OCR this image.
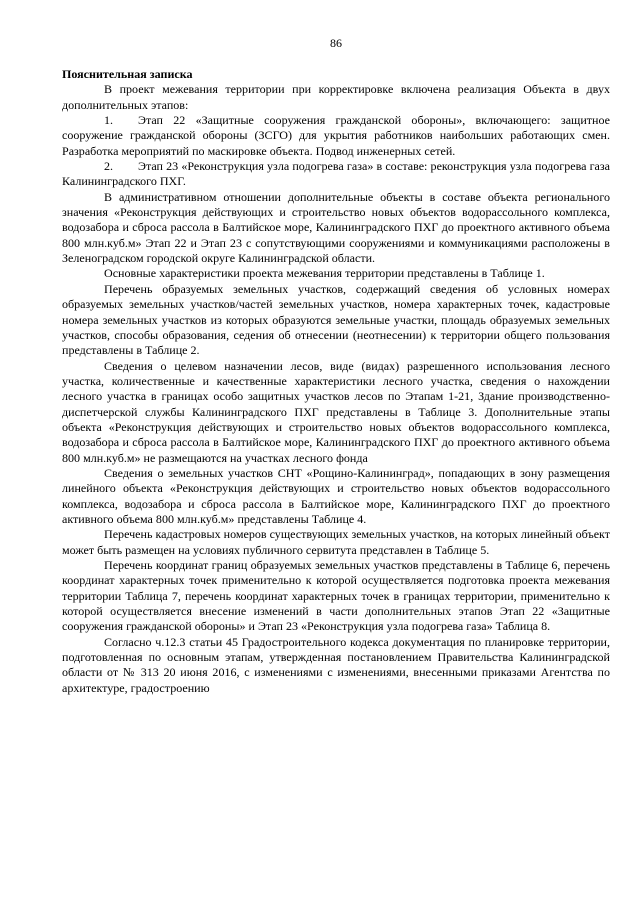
86

Пояснительная записка

В проект межевания территории при корректировке включена реализация Объекта в двух дополнительных этапов:

1. Этап 22 «Защитные сооружения гражданской обороны», включающего: защитное сооружение гражданской обороны (ЗСГО) для укрытия работников наибольших работающих смен. Разработка мероприятий по маскировке объекта. Подвод инженерных сетей.

2. Этап 23 «Реконструкция узла подогрева газа» в составе: реконструкция узла подогрева газа Калининградского ПХГ.

В административном отношении дополнительные объекты в составе объекта регионального значения «Реконструкция действующих и строительство новых объектов водорассольного комплекса, водозабора и сброса рассола в Балтийское море, Калининградского ПХГ до проектного активного объема 800 млн.куб.м» Этап 22 и Этап 23 с сопутствующими сооружениями и коммуникациями расположены в Зеленоградском городской округе Калининградской области.

Основные характеристики проекта межевания территории представлены в Таблице 1.

Перечень образуемых земельных участков, содержащий сведения об условных номерах образуемых земельных участков/частей земельных участков, номера характерных точек, кадастровые номера земельных участков из которых образуются земельные участки, площадь образуемых земельных участков, способы образования, седения об отнесении (неотнесении) к территории общего пользования представлены в Таблице 2.

Сведения о целевом назначении лесов, виде (видах) разрешенного использования лесного участка, количественные и качественные характеристики лесного участка, сведения о нахождении лесного участка в границах особо защитных участков лесов по Этапам 1-21, Здание производственно-диспетчерской службы Калининградского ПХГ представлены в Таблице 3. Дополнительные этапы объекта «Реконструкция действующих и строительство новых объектов водорассольного комплекса, водозабора и сброса рассола в Балтийское море, Калининградского ПХГ до проектного активного объема 800 млн.куб.м» не размещаются на участках лесного фонда

Сведения о земельных участков СНТ «Рощино-Калининград», попадающих в зону размещения линейного объекта «Реконструкция действующих и строительство новых объектов водорассольного комплекса, водозабора и сброса рассола в Балтийское море, Калининградского ПХГ до проектного активного объема 800 млн.куб.м» представлены Таблице 4.

Перечень кадастровых номеров существующих земельных участков, на которых линейный объект может быть размещен на условиях публичного сервитута представлен в Таблице 5.

Перечень координат границ образуемых земельных участков представлены в Таблице 6, перечень координат характерных точек применительно к которой осуществляется подготовка проекта межевания территории Таблица 7, перечень координат характерных точек в границах территории, применительно к которой осуществляется внесение изменений в части дополнительных этапов Этап 22 «Защитные сооружения гражданской обороны» и Этап 23 «Реконструкция узла подогрева газа» Таблица 8.

Согласно ч.12.3 статьи 45 Градостроительного кодекса документация по планировке территории, подготовленная по основным этапам, утвержденная постановлением Правительства Калининградской области от № 313 20 июня 2016, с изменениями с изменениями, внесенными приказами Агентства по архитектуре, градостроению
